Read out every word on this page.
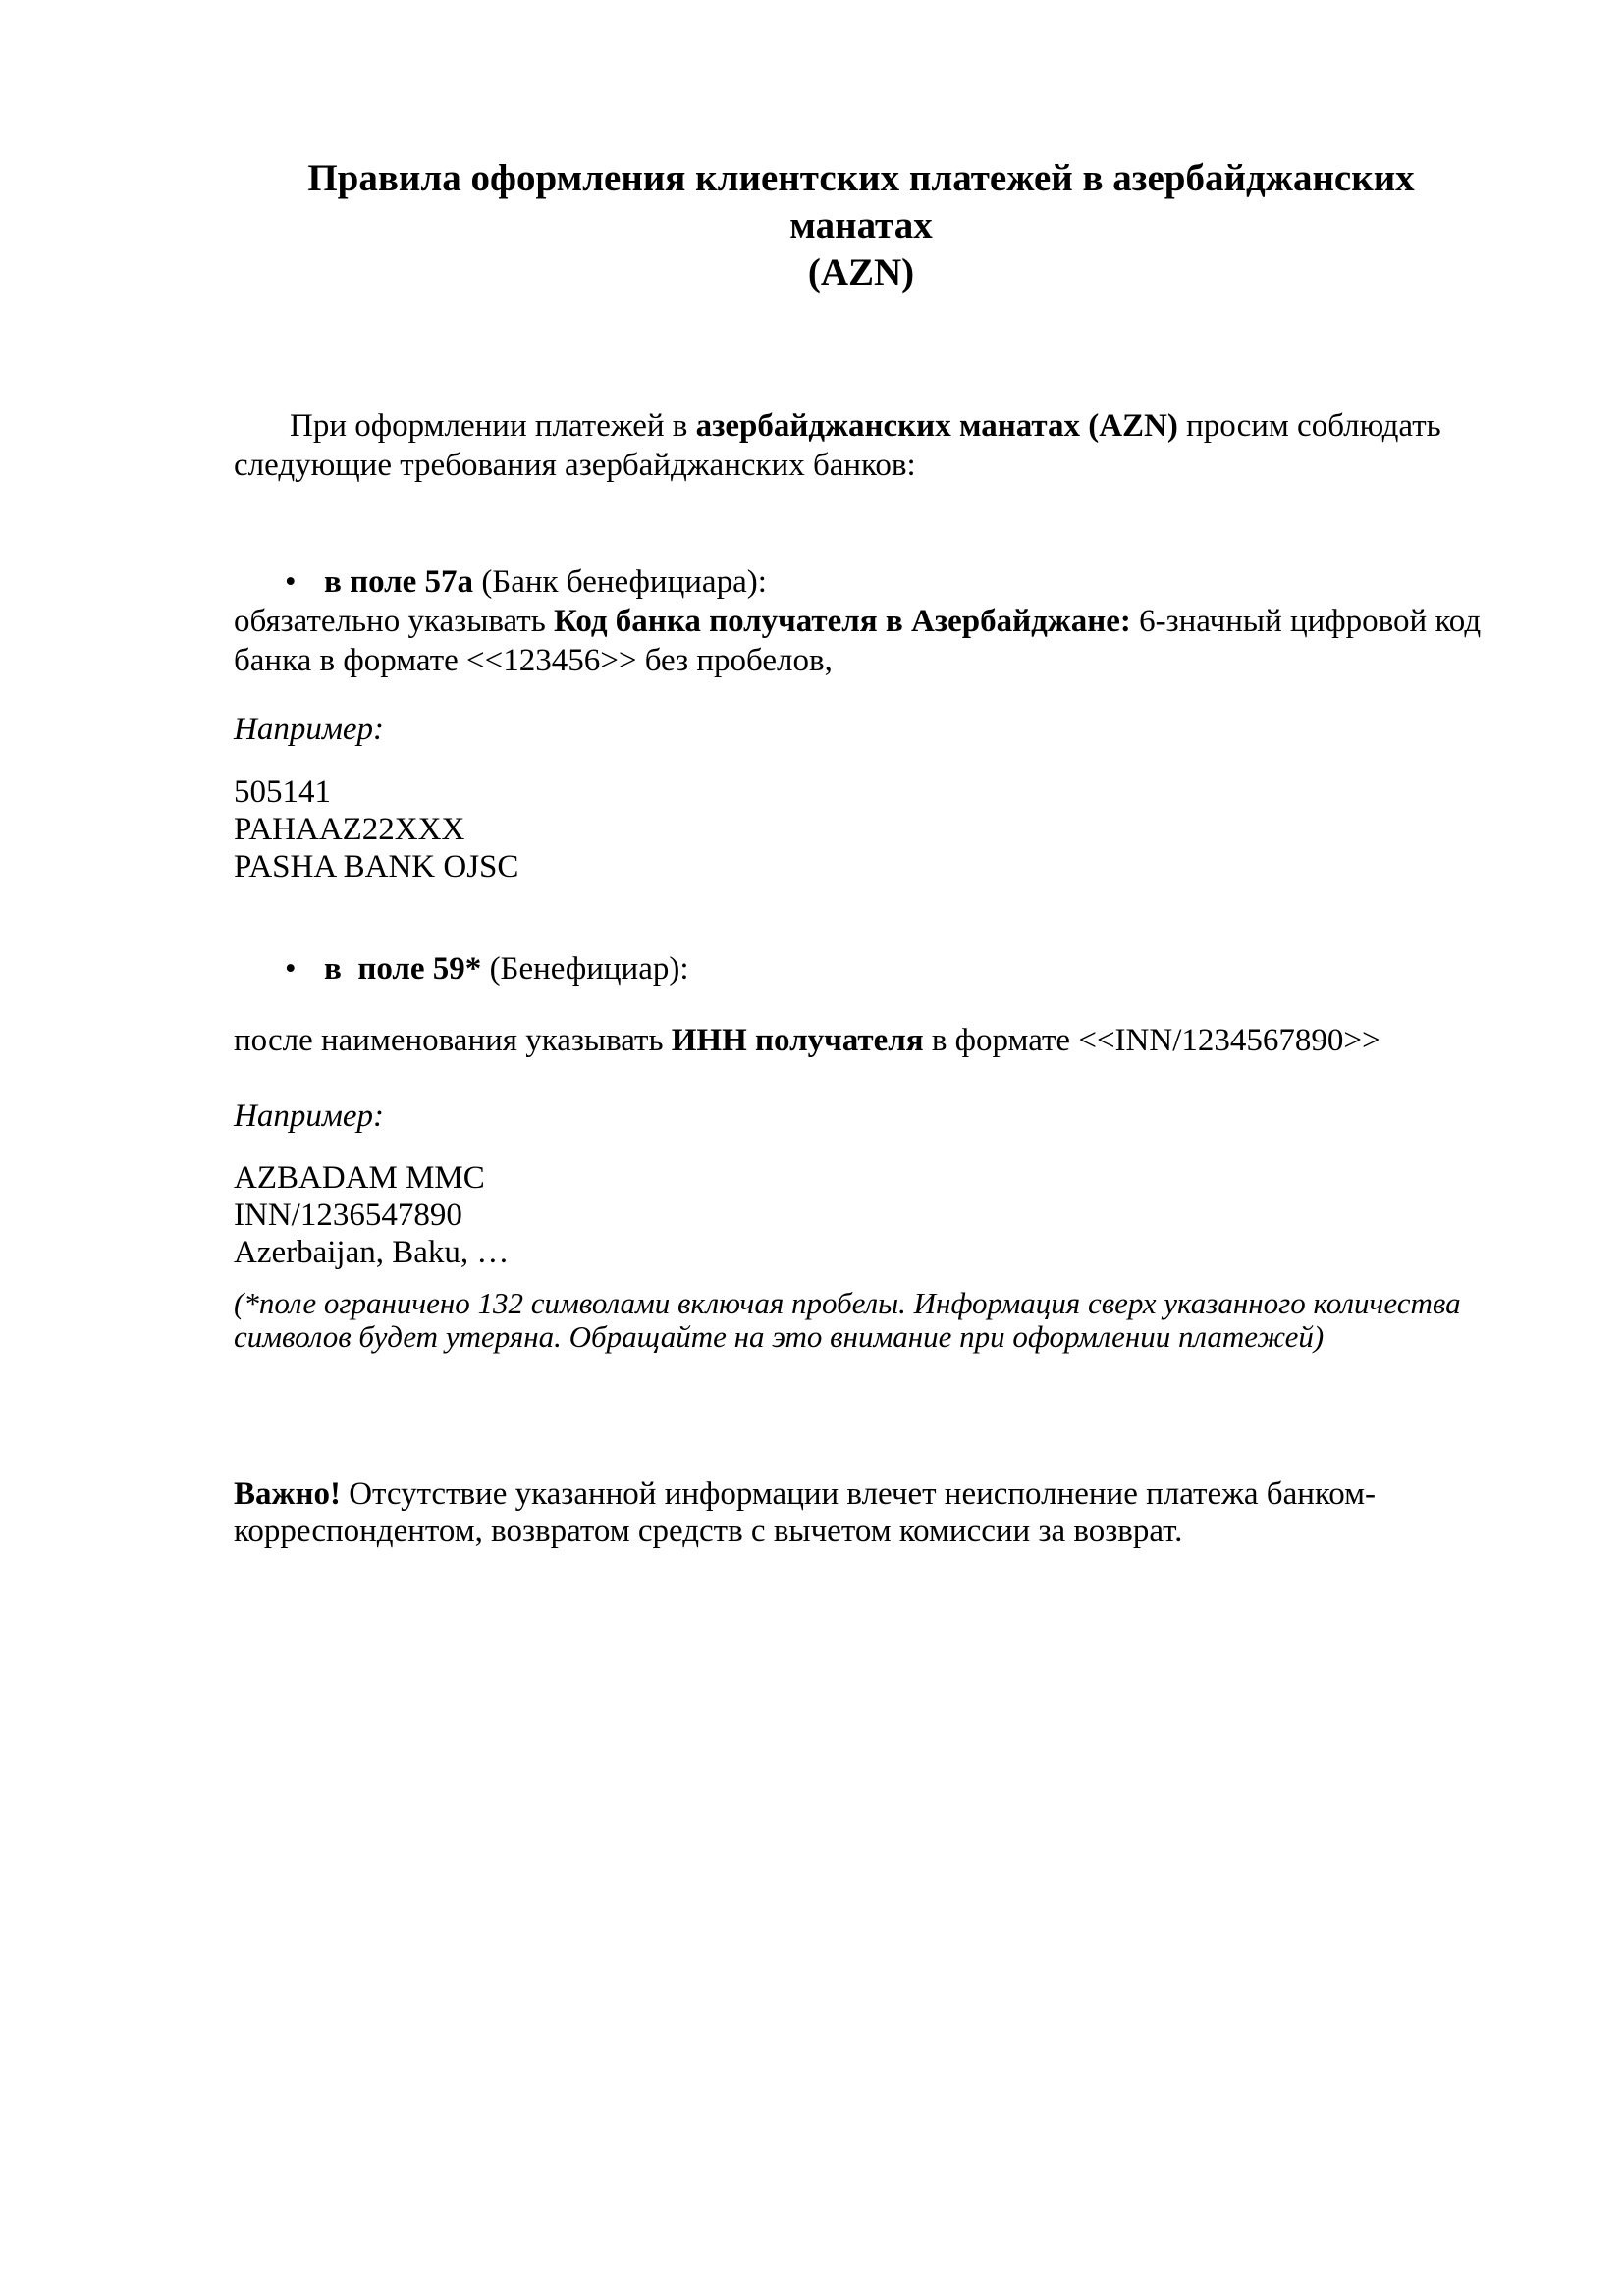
Правила оформления клиентских платежей в азербайджанских манатах
(AZN)
При оформлении платежей в азербайджанских манатах (AZN) просим соблюдать следующие требования азербайджанских банков:
• в поле 57а (Банк бенефициара):
обязательно указывать Код банка получателя в Азербайджане: 6-значный цифровой код банка в формате <<123456>> без пробелов,
Например:
505141
PAHAAZ22XXX
PASHA BANK OJSC
• в  поле 59* (Бенефициар):
после наименования указывать ИНН получателя в формате <<INN/1234567890>>
Например:
AZBADAM MMC
INN/1236547890
Azerbaijan, Baku, …
(*поле ограничено 132 символами включая пробелы. Информация сверх указанного количества символов будет утеряна. Обращайте на это внимание при оформлении платежей)
Важно! Отсутствие указанной информации влечет неисполнение платежа банком-корреспондентом, возвратом средств с вычетом комиссии за возврат.
